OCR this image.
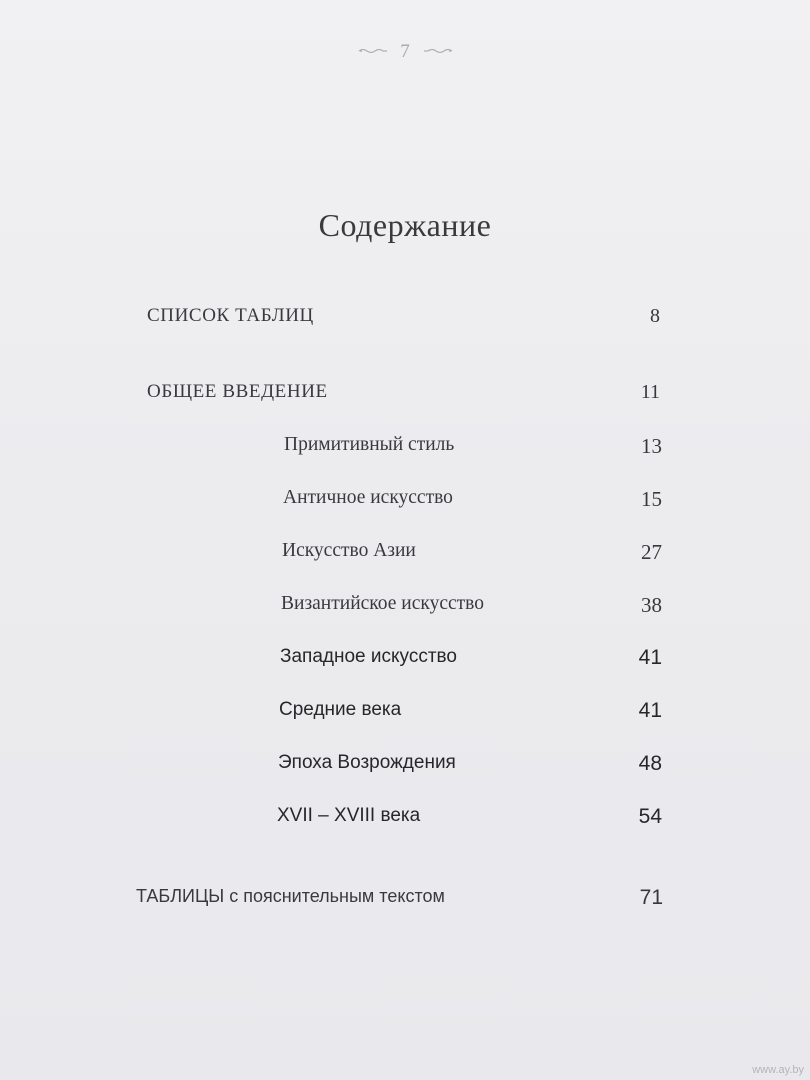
7
Содержание
СПИСОК ТАБЛИЦ	8
ОБЩЕЕ ВВЕДЕНИЕ	11
Примитивный стиль	13
Античное искусство	15
Искусство Азии	27
Византийское искусство	38
Западное искусство	41
Средние века	41
Эпоха Возрождения	48
XVII – XVIII века	54
ТАБЛИЦЫ с пояснительным текстом	71
www.ay.by
